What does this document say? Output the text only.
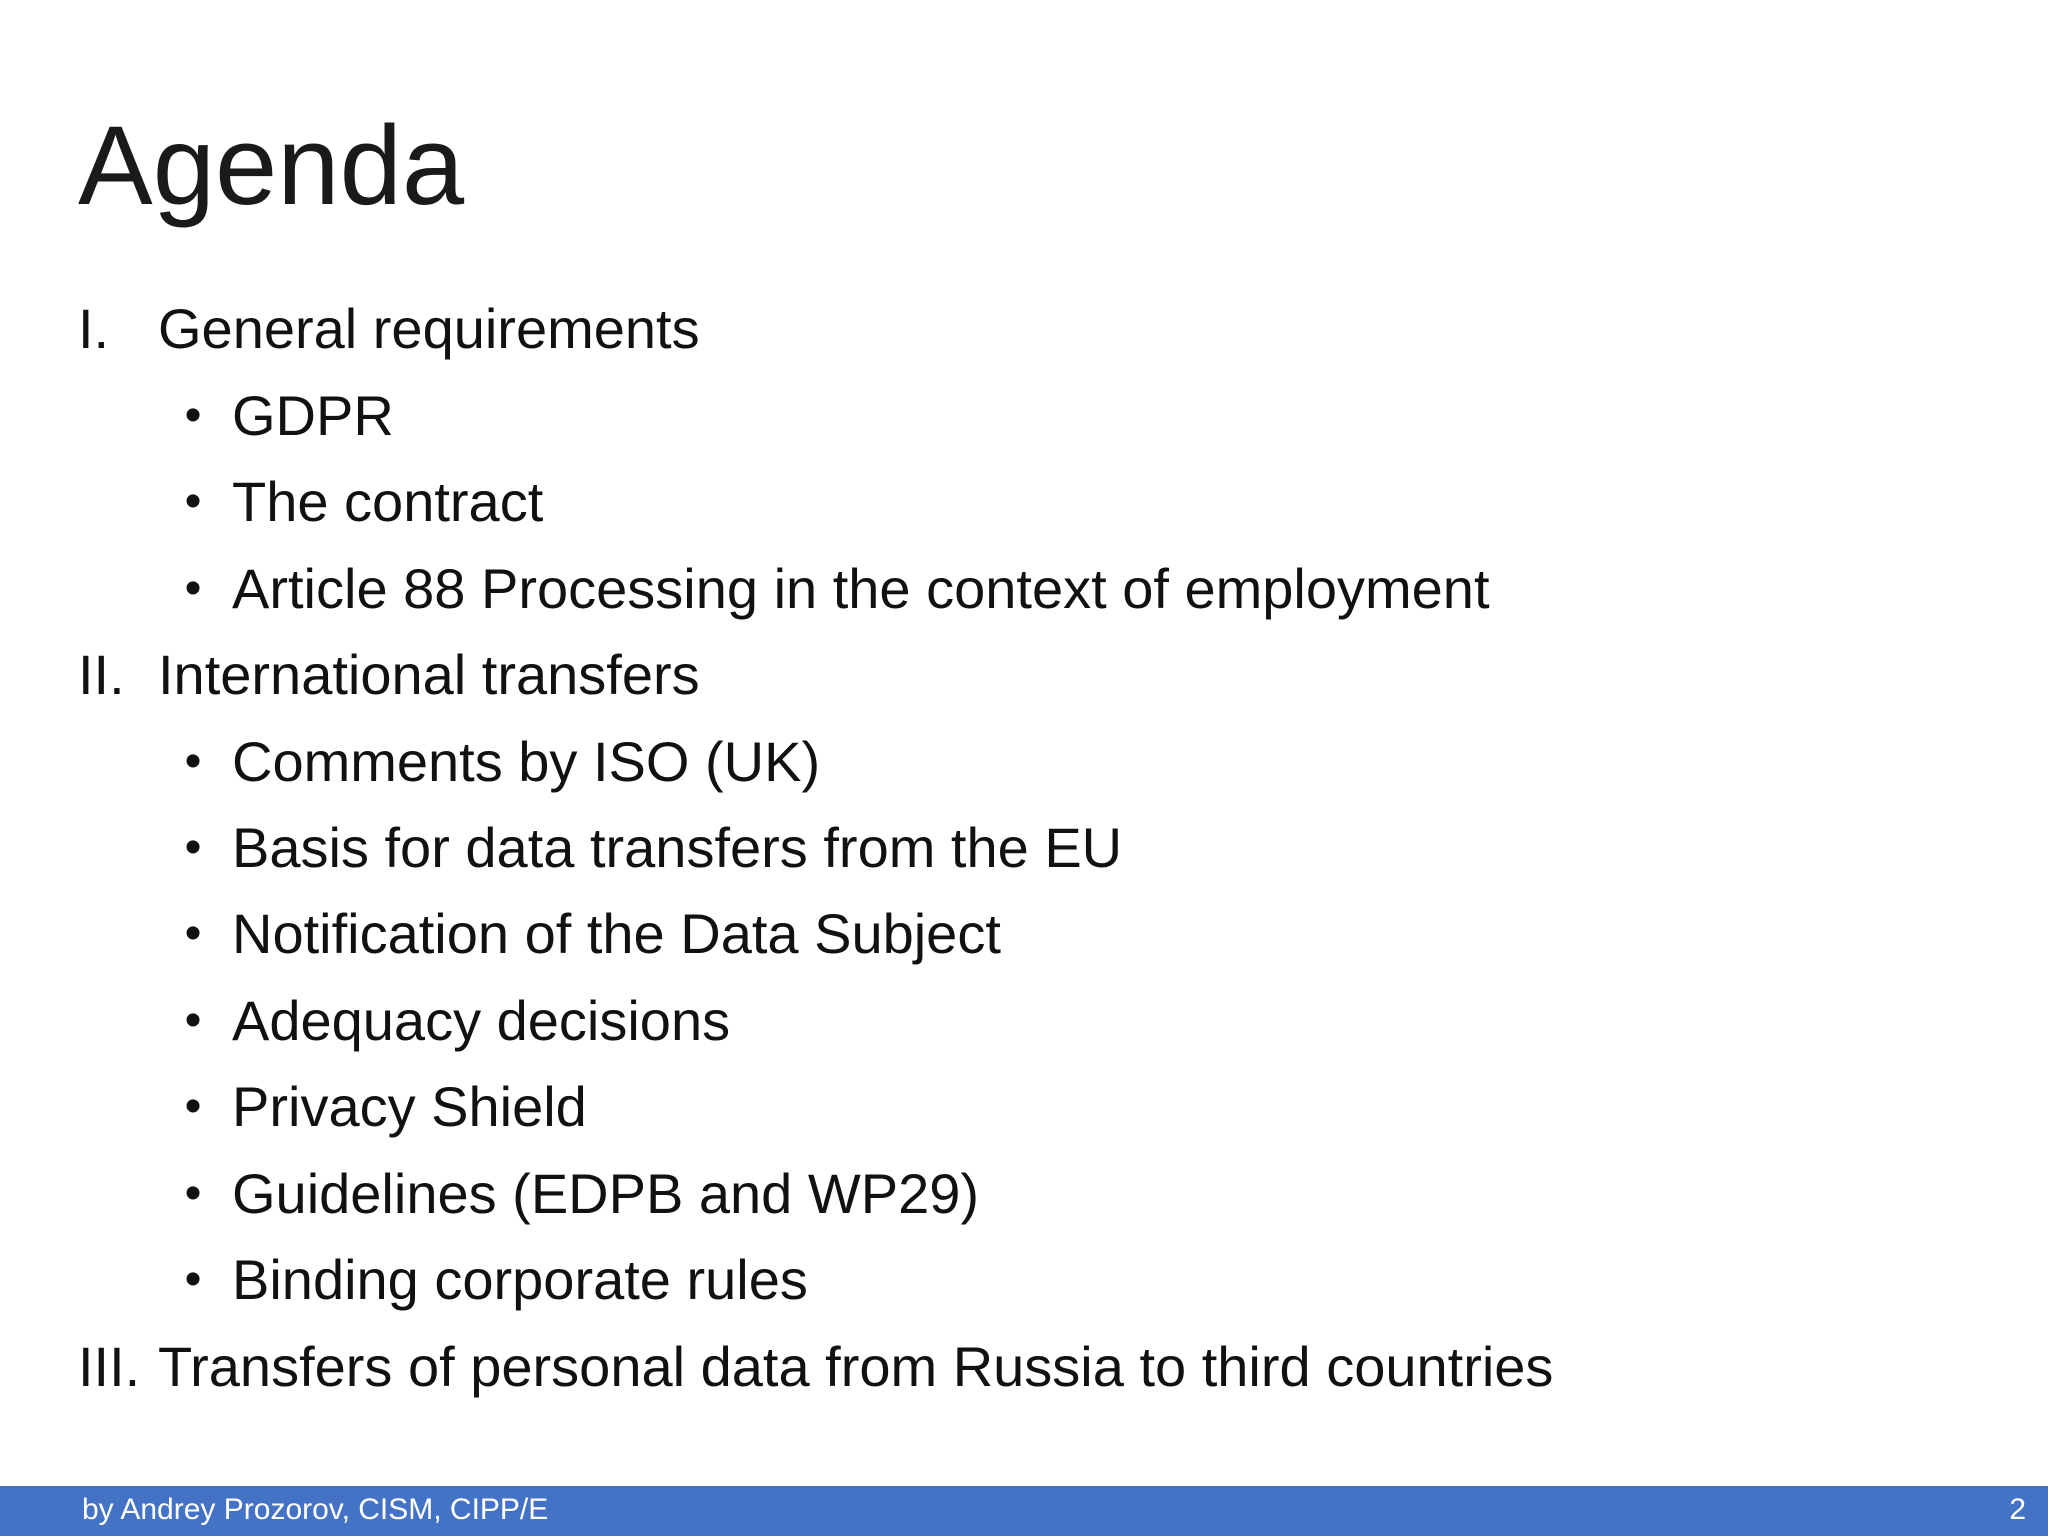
Agenda
I. General requirements
• GDPR
• The contract
• Article 88 Processing in the context of employment
II. International transfers
• Comments by ISO (UK)
• Basis for data transfers from the EU
• Notification of the Data Subject
• Adequacy decisions
• Privacy Shield
• Guidelines (EDPB and WP29)
• Binding corporate rules
III. Transfers of personal data from Russia to third countries
by Andrey Prozorov, CISM, CIPP/E	2
